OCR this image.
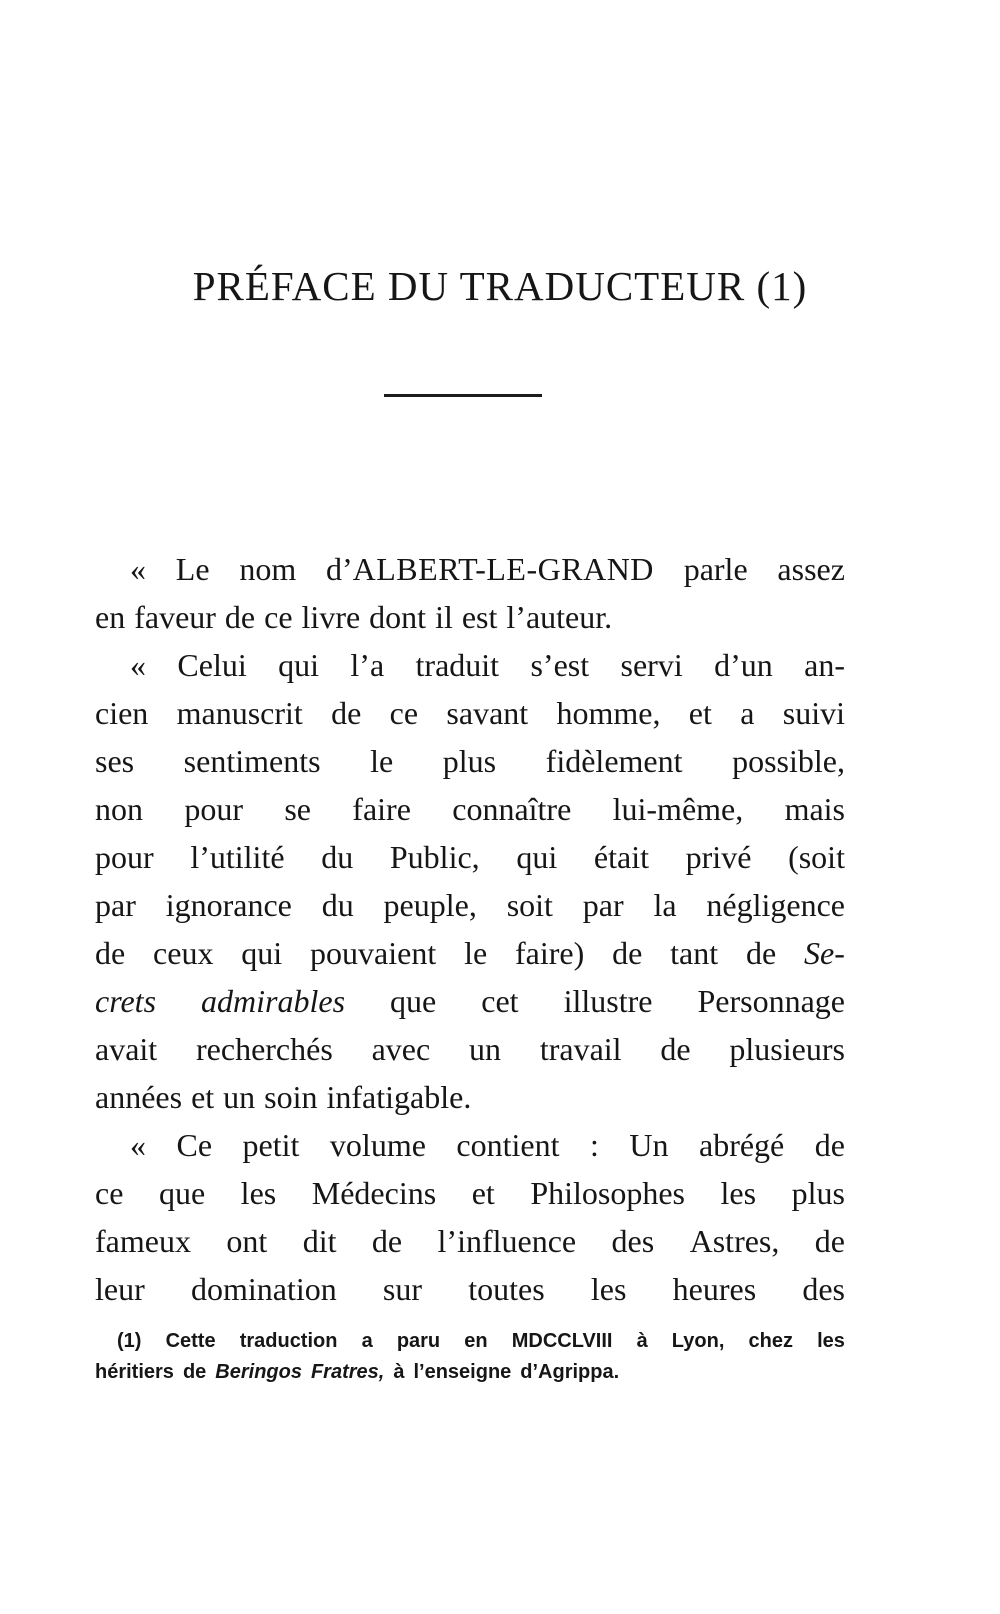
PRÉFACE DU TRADUCTEUR (1)
« Le nom d’ALBERT-LE-GRAND parle assez
en faveur de ce livre dont il est l’auteur.
« Celui qui l’a traduit s’est servi d’un an-
cien manuscrit de ce savant homme, et a suivi
ses sentiments le plus fidèlement possible,
non pour se faire connaître lui-même, mais
pour l’utilité du Public, qui était privé (soit
par ignorance du peuple, soit par la négligence
de ceux qui pouvaient le faire) de tant de Se-
crets admirables que cet illustre Personnage
avait recherchés avec un travail de plusieurs
années et un soin infatigable.
« Ce petit volume contient : Un abrégé de
ce que les Médecins et Philosophes les plus
fameux ont dit de l’influence des Astres, de
leur domination sur toutes les heures des
(1) Cette traduction a paru en MDCCLVIII à Lyon, chez les
héritiers de Beringos Fratres, à l’enseigne d’Agrippa.
